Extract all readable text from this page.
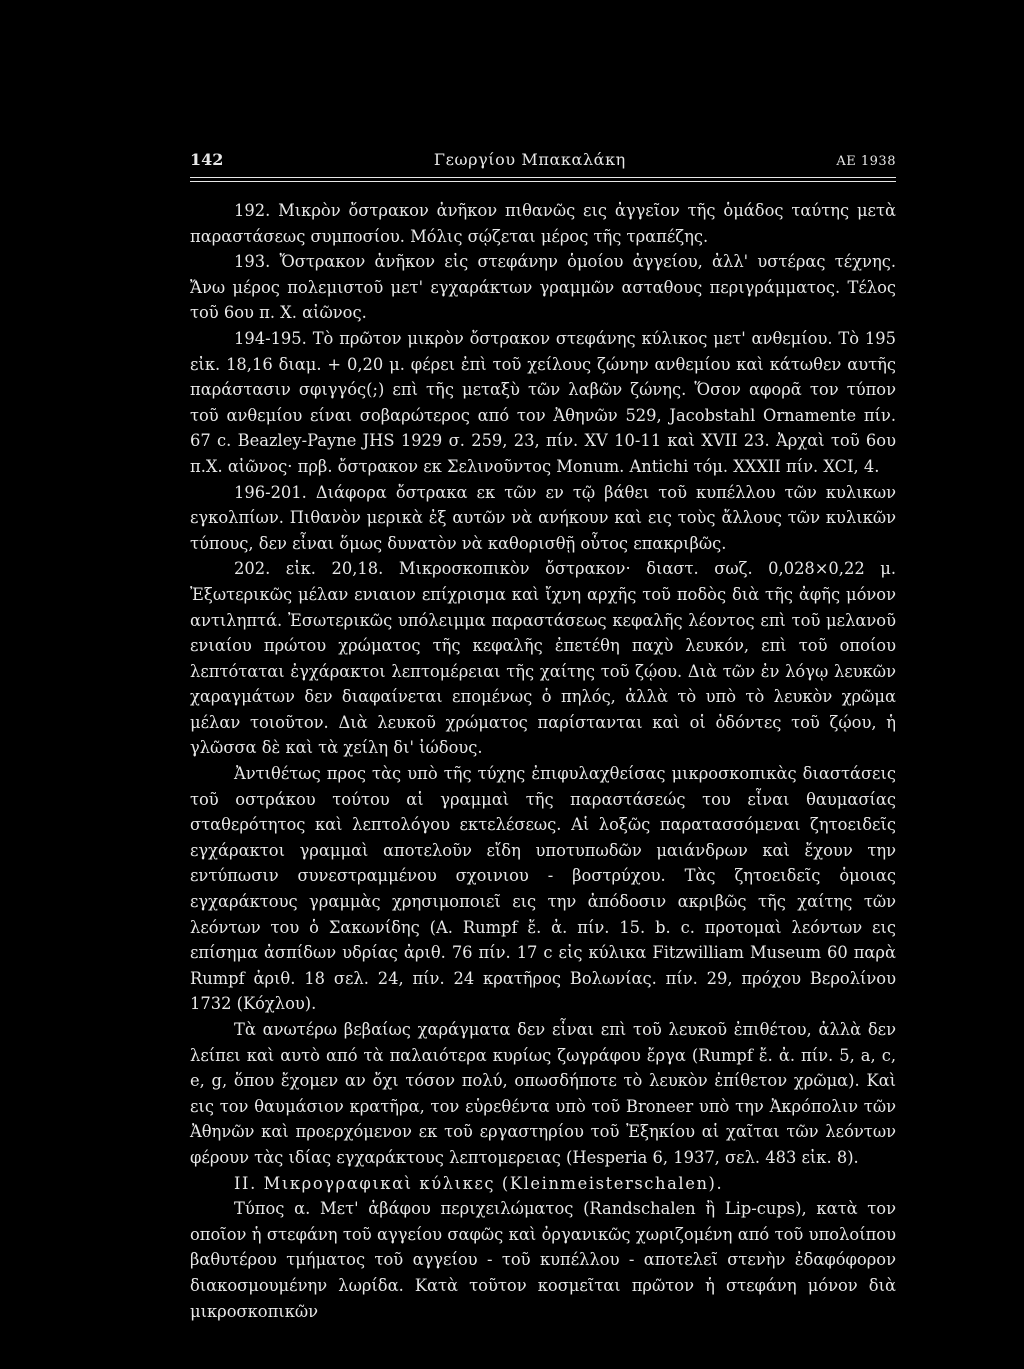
142	Γεωργίου Μπακαλάκη	ΑΕ 1938

192. Μικρὸν ὄστρακον ἀνῆκον πιθανῶς εις ἀγγεῖον τῆς ὁμάδος ταύτης μετὰ παραστάσεως συμποσίου. Μόλις σῴζεται μέρος τῆς τραπέζης.

193. Ὄστρακον ἀνῆκον εἰς στεφάνην ὁμοίου ἀγγείου, ἀλλ' υστέρας τέχνης. Ἄνω μέρος πολεμιστοῦ μετ' εγχαράκτων γραμμῶν ασταθους περιγράμματος. Τέλος τοῦ 6ου π. Χ. αἰῶνος.

194-195. Τὸ πρῶτον μικρὸν ὄστρακον στεφάνης κύλικος μετ' ανθεμίου. Τὸ 195 εἰκ. 18,16 διαμ. + 0,20 μ. φέρει ἐπὶ τοῦ χείλους ζώνην ανθεμίου καὶ κάτωθεν αυτῆς παράστασιν σφιγγός(;) επὶ τῆς μεταξὺ τῶν λαβῶν ζώνης. Ὅσον αφορᾶ τον τύπον τοῦ ανθεμίου είναι σοβαρώτερος από τον Ἀθηνῶν 529, Jacobstahl Ornamente πίν. 67 c. Beazley-Payne JHS 1929 σ. 259, 23, πίν. XV 10-11 καὶ XVII 23. Ἀρχαὶ τοῦ 6ου π.Χ. αἰῶνος· πρβ. ὄστρακον εκ Σελινοῦντος Monum. Antichi τόμ. XXXII πίν. XCI, 4.

196-201. Διάφορα ὄστρακα εκ τῶν εν τῷ βάθει τοῦ κυπέλλου τῶν κυλικων εγκολπίων. Πιθανὸν μερικὰ ἐξ αυτῶν νὰ ανήκουν καὶ εις τοὺς ἄλλους τῶν κυλικῶν τύπους, δεν εἶναι ὅμως δυνατὸν νὰ καθορισθῇ οὗτος επακριβῶς.

202. εἰκ. 20,18. Μικροσκοπικὸν ὄστρακον· διαστ. σωζ. 0,028×0,22 μ. Ἐξωτερικῶς μέλαν ενιαιον επίχρισμα καὶ ἴχνη αρχῆς τοῦ ποδὸς διὰ τῆς ἀφῆς μόνον αντιληπτά. Ἐσωτερικῶς υπόλειμμα παραστάσεως κεφαλῆς λέοντος επὶ τοῦ μελανοῦ ενιαίου πρώτου χρώματος τῆς κεφαλῆς ἐπετέθη παχὺ λευκόν, επὶ τοῦ οποίου λεπτόταται ἐγχάρακτοι λεπτομέρειαι τῆς χαίτης τοῦ ζῴου. Διὰ τῶν ἐν λόγῳ λευκῶν χαραγμάτων δεν διαφαίνεται επομένως ὁ πηλός, ἀλλὰ τὸ υπὸ τὸ λευκὸν χρῶμα μέλαν τοιοῦτον. Διὰ λευκοῦ χρώματος παρίστανται καὶ οἱ ὀδόντες τοῦ ζῴου, ἡ γλῶσσα δὲ καὶ τὰ χείλη δι' ἰώδους.

Ἀντιθέτως προς τὰς υπὸ τῆς τύχης ἐπιφυλαχθείσας μικροσκοπικὰς διαστάσεις τοῦ οστράκου τούτου αἱ γραμμαὶ τῆς παραστάσεώς του εἶναι θαυμασίας σταθερότητος καὶ λεπτολόγου εκτελέσεως. Αἱ λοξῶς παρατασσόμεναι ζητοειδεῖς εγχάρακτοι γραμμαὶ αποτελοῦν εἴδη υποτυπωδῶν μαιάνδρων καὶ ἔχουν την εντύπωσιν συνεστραμμένου σχοινιου - βοστρύχου. Τὰς ζητοειδεῖς ὁμοιας εγχαράκτους γραμμὰς χρησιμοποιεῖ εις την ἀπόδοσιν ακριβῶς τῆς χαίτης τῶν λεόντων του ὁ Σακωνίδης (A. Rumpf ἔ. ἀ. πίν. 15. b. c. προτομαὶ λεόντων εις επίσημα ἀσπίδων υδρίας ἀριθ. 76 πίν. 17 c εἰς κύλικα Fitzwilliam Museum 60 παρὰ Rumpf ἀριθ. 18 σελ. 24, πίν. 24 κρατῆρος Βολωνίας. πίν. 29, πρόχου Βερολίνου 1732 (Κόχλου).

Τὰ ανωτέρω βεβαίως χαράγματα δεν εἶναι επὶ τοῦ λευκοῦ ἐπιθέτου, ἀλλὰ δεν λείπει καὶ αυτὸ από τὰ παλαιότερα κυρίως ζωγράφου ἔργα (Rumpf ἔ. ἀ. πίν. 5, a, c, e, g, ὅπου ἔχομεν αν ὄχι τόσον πολύ, οπωσδήποτε τὸ λευκὸν ἐπίθετον χρῶμα). Καὶ εις τον θαυμάσιον κρατῆρα, τον εὑρεθέντα υπὸ τοῦ Broneer υπὸ την Ἀκρόπολιν τῶν Ἀθηνῶν καὶ προερχόμενον εκ τοῦ εργαστηρίου τοῦ Ἐξηκίου αἱ χαῖται τῶν λεόντων φέρουν τὰς ιδίας εγχαράκτους λεπτομερειας (Hesperia 6, 1937, σελ. 483 εἰκ. 8).

II. Μικρογραφικαὶ κύλικες (Kleinmeisterschalen).

Τύπος α. Μετ' ἀβάφου περιχειλώματος (Randschalen ἢ Lip-cups), κατὰ τον οποῖον ἡ στεφάνη τοῦ αγγείου σαφῶς καὶ ὀργανικῶς χωριζομένη από τοῦ υπολοίπου βαθυτέρου τμήματος τοῦ αγγείου - τοῦ κυπέλλου - αποτελεῖ στενὴν ἐδαφόφορον διακοσμουμένην λωρίδα. Κατὰ τοῦτον κοσμεῖται πρῶτον ἡ στεφάνη μόνον διὰ μικροσκοπικῶν
